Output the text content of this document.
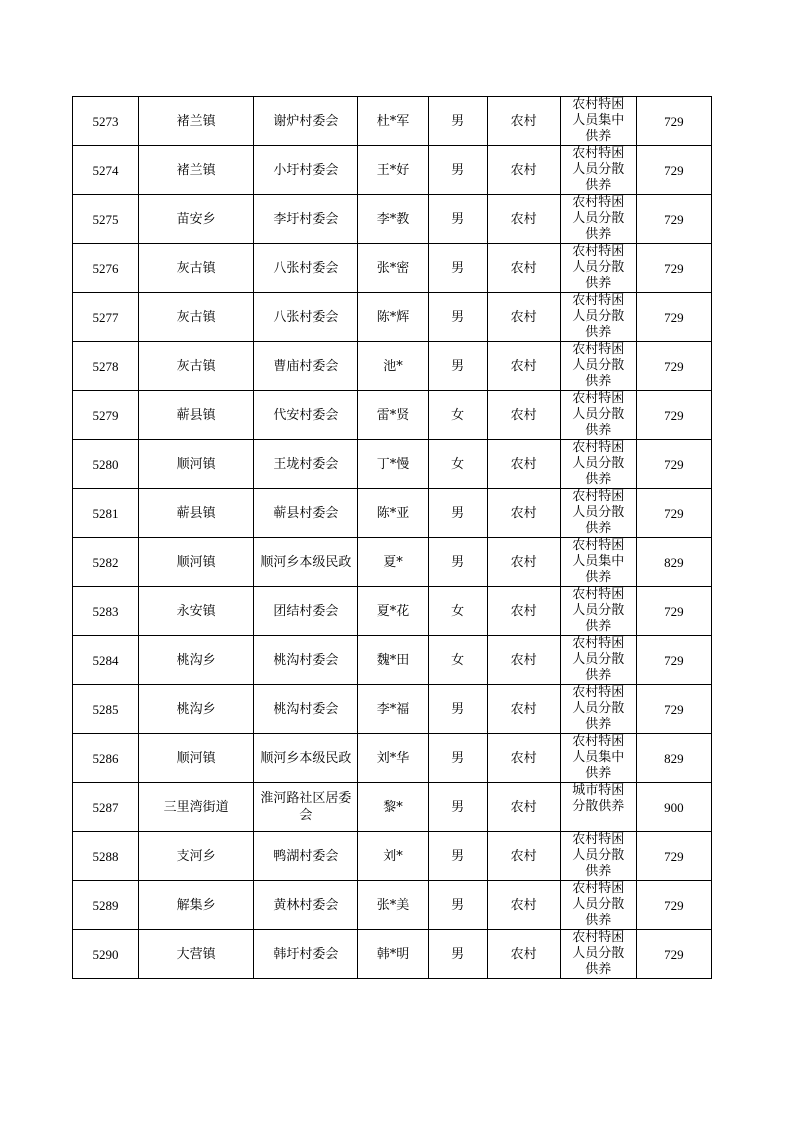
5273	褚兰镇	谢炉村委会	杜*军	男	农村	农村特困人员集中供养	729
5274	褚兰镇	小圩村委会	王*好	男	农村	农村特困人员分散供养	729
5275	苗安乡	李圩村委会	李*教	男	农村	农村特困人员分散供养	729
5276	灰古镇	八张村委会	张*密	男	农村	农村特困人员分散供养	729
5277	灰古镇	八张村委会	陈*辉	男	农村	农村特困人员分散供养	729
5278	灰古镇	曹庙村委会	池*	男	农村	农村特困人员分散供养	729
5279	蕲县镇	代安村委会	雷*贤	女	农村	农村特困人员分散供养	729
5280	顺河镇	王垅村委会	丁*慢	女	农村	农村特困人员分散供养	729
5281	蕲县镇	蕲县村委会	陈*亚	男	农村	农村特困人员分散供养	729
5282	顺河镇	顺河乡本级民政	夏*	男	农村	农村特困人员集中供养	829
5283	永安镇	团结村委会	夏*花	女	农村	农村特困人员分散供养	729
5284	桃沟乡	桃沟村委会	魏*田	女	农村	农村特困人员分散供养	729
5285	桃沟乡	桃沟村委会	李*福	男	农村	农村特困人员分散供养	729
5286	顺河镇	顺河乡本级民政	刘*华	男	农村	农村特困人员集中供养	829
5287	三里湾街道	淮河路社区居委会	黎*	男	农村	城市特困分散供养	900
5288	支河乡	鸭湖村委会	刘*	男	农村	农村特困人员分散供养	729
5289	解集乡	黄林村委会	张*美	男	农村	农村特困人员分散供养	729
5290	大营镇	韩圩村委会	韩*明	男	农村	农村特困人员分散供养	729
